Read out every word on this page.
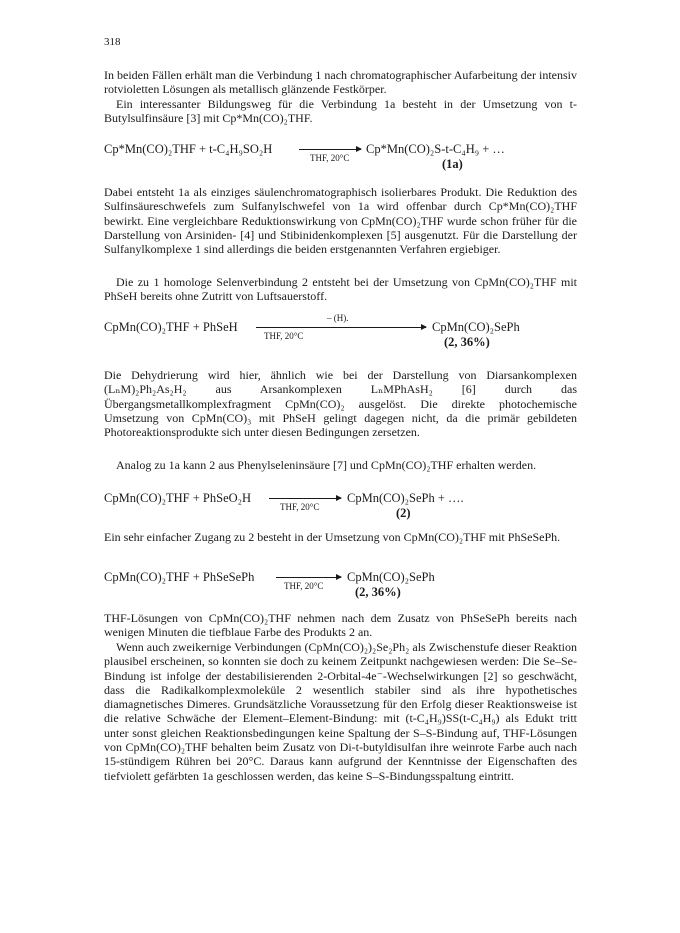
318

In beiden Fällen erhält man die Verbindung 1 nach chromatographischer Aufarbeitung der intensiv rotvioletten Lösungen als metallisch glänzende Festkörper.

Ein interessanter Bildungsweg für die Verbindung 1a besteht in der Umsetzung von t-Butylsulfinsäure [3] mit Cp*Mn(CO)₂THF.

Cp*Mn(CO)₂THF + t-C₄H₉SO₂H
THF, 20°C
Cp*Mn(CO)₂S-t-C₄H₉ + …
(1a)

Dabei entsteht 1a als einziges säulenchromatographisch isolierbares Produkt. Die Reduktion des Sulfinsäureschwefels zum Sulfanylschwefel von 1a wird offenbar durch Cp*Mn(CO)₂THF bewirkt. Eine vergleichbare Reduktionswirkung von CpMn(CO)₂THF wurde schon früher für die Darstellung von Arsiniden- [4] und Stibinidenkomplexen [5] ausgenutzt. Für die Darstellung der Sulfanylkomplexe 1 sind allerdings die beiden erstgenannten Verfahren ergiebiger.

Die zu 1 homologe Selenverbindung 2 entsteht bei der Umsetzung von CpMn(CO)₂THF mit PhSeH bereits ohne Zutritt von Luftsauerstoff.

CpMn(CO)₂THF + PhSeH
– (H).
THF, 20°C
CpMn(CO)₂SePh
(2, 36%)

Die Dehydrierung wird hier, ähnlich wie bei der Darstellung von Diarsankomplexen (LₙM)₂Ph₂As₂H₂ aus Arsankomplexen LₙMPhAsH₂ [6] durch das Übergangsmetallkomplexfragment CpMn(CO)₂ ausgelöst. Die direkte photochemische Umsetzung von CpMn(CO)₃ mit PhSeH gelingt dagegen nicht, da die primär gebildeten Photoreaktionsprodukte sich unter diesen Bedingungen zersetzen.

Analog zu 1a kann 2 aus Phenylseleninsäure [7] und CpMn(CO)₂THF erhalten werden.

CpMn(CO)₂THF + PhSeO₂H
THF, 20°C
CpMn(CO)₂SePh + ….
(2)

Ein sehr einfacher Zugang zu 2 besteht in der Umsetzung von CpMn(CO)₂THF mit PhSeSePh.

CpMn(CO)₂THF + PhSeSePh
THF, 20°C
CpMn(CO)₂SePh
(2, 36%)

THF-Lösungen von CpMn(CO)₂THF nehmen nach dem Zusatz von PhSeSePh bereits nach wenigen Minuten die tiefblaue Farbe des Produkts 2 an.

Wenn auch zweikernige Verbindungen (CpMn(CO)₂)₂Se₂Ph₂ als Zwischenstufe dieser Reaktion plausibel erscheinen, so konnten sie doch zu keinem Zeitpunkt nachgewiesen werden: Die Se–Se-Bindung ist infolge der destabilisierenden 2-Orbital-4e⁻-Wechselwirkungen [2] so geschwächt, dass die Radikalkomplexmoleküle 2 wesentlich stabiler sind als ihre hypothetisches diamagnetisches Dimeres. Grundsätzliche Voraussetzung für den Erfolg dieser Reaktionsweise ist die relative Schwäche der Element–Element-Bindung: mit (t-C₄H₉)SS(t-C₄H₉) als Edukt tritt unter sonst gleichen Reaktionsbedingungen keine Spaltung der S–S-Bindung auf, THF-Lösungen von CpMn(CO)₂THF behalten beim Zusatz von Di-t-butyldisulfan ihre weinrote Farbe auch nach 15-stündigem Rühren bei 20°C. Daraus kann aufgrund der Kenntnisse der Eigenschaften des tiefviolett gefärbten 1a geschlossen werden, das keine S–S-Bindungsspaltung eintritt.
